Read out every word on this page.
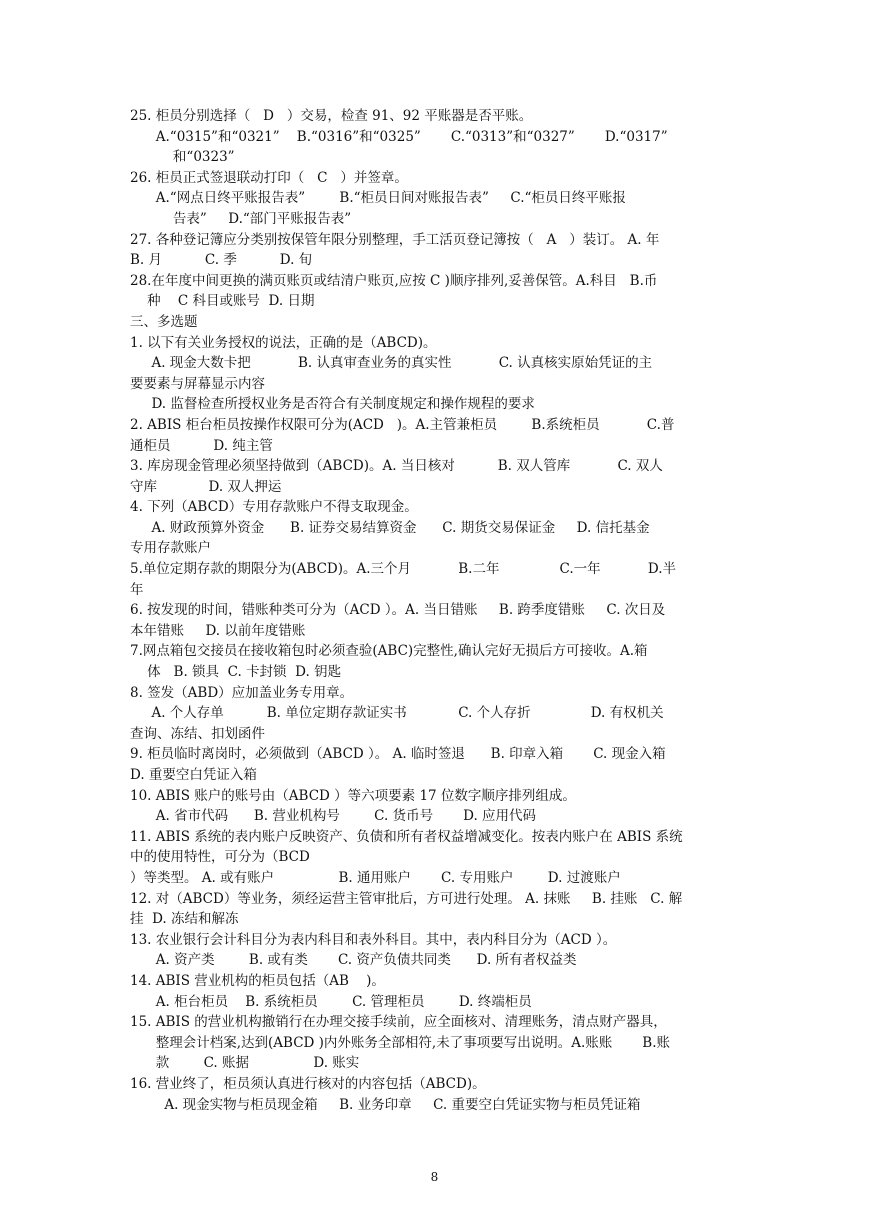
25. 柜员分别选择（   D   ）交易，检查 91、92 平账器是否平账。
A.“0315”和“0321”    B.“0316”和“0325”       C.“0313”和“0327”       D.“0317”
和“0323”
26. 柜员正式签退联动打印（   C   ）并签章。
A.“网点日终平账报告表”        B.“柜员日间对账报告表”     C.“柜员日终平账报
告表”     D.“部门平账报告表”
27. 各种登记簿应分类别按保管年限分别整理，手工活页登记簿按（   A   ）装订。 A. 年
B. 月          C. 季          D. 旬
28.在年度中间更换的满页账页或结清户账页,应按 C )顺序排列,妥善保管。A.科目   B.币
种    C 科目或账号  D. 日期
三、多选题
1. 以下有关业务授权的说法，正确的是（ABCD)。
A. 现金大数卡把           B. 认真审查业务的真实性           C. 认真核实原始凭证的主
要要素与屏幕显示内容
D. 监督检查所授权业务是否符合有关制度规定和操作规程的要求
2. ABIS 柜台柜员按操作权限可分为(ACD   )。A.主管兼柜员        B.系统柜员           C.普
通柜员          D. 纯主管
3. 库房现金管理必须坚持做到（ABCD)。A. 当日核对          B. 双人管库           C. 双人
守库            D. 双人押运
4. 下列（ABCD）专用存款账户不得支取现金。
A. 财政预算外资金      B. 证券交易结算资金      C. 期货交易保证金     D. 信托基金
专用存款账户
5.单位定期存款的期限分为(ABCD)。A.三个月           B.二年              C.一年           D.半
年
6. 按发现的时间，错账种类可分为（ACD ）。A. 当日错账     B. 跨季度错账     C. 次日及
本年错账     D. 以前年度错账
7.网点箱包交接员在接收箱包时必须查验(ABC)完整性,确认完好无损后方可接收。A.箱
体   B. 锁具  C. 卡封锁  D. 钥匙
8. 签发（ABD）应加盖业务专用章。
A. 个人存单          B. 单位定期存款证实书            C. 个人存折              D. 有权机关
查询、冻结、扣划函件
9. 柜员临时离岗时，必须做到（ABCD ）。 A. 临时签退      B. 印章入箱       C. 现金入箱
D. 重要空白凭证入箱
10. ABIS 账户的账号由（ABCD ）等六项要素 17 位数字顺序排列组成。
A. 省市代码      B. 营业机构号        C. 货币号       D. 应用代码
11. ABIS 系统的表内账户反映资产、负债和所有者权益增减变化。按表内账户在 ABIS 系统
中的使用特性，可分为（BCD
）等类型。 A. 或有账户               B. 通用账户       C. 专用账户        D. 过渡账户
12. 对（ABCD）等业务，须经运营主管审批后，方可进行处理。 A. 抹账     B. 挂账   C. 解
挂  D. 冻结和解冻
13. 农业银行会计科目分为表内科目和表外科目。其中，表内科目分为（ACD ）。
A. 资产类        B. 或有类       C. 资产负债共同类      D. 所有者权益类
14. ABIS 营业机构的柜员包括（AB    )。
A. 柜台柜员    B. 系统柜员        C. 管理柜员        D. 终端柜员
15. ABIS 的营业机构撤销行在办理交接手续前，应全面核对、清理账务，清点财产器具，
整理会计档案,达到(ABCD )内外账务全部相符,未了事项要写出说明。A.账账       B.账
款        C. 账据               D. 账实
16. 营业终了，柜员须认真进行核对的内容包括（ABCD)。
A. 现金实物与柜员现金箱     B. 业务印章     C. 重要空白凭证实物与柜员凭证箱
8
